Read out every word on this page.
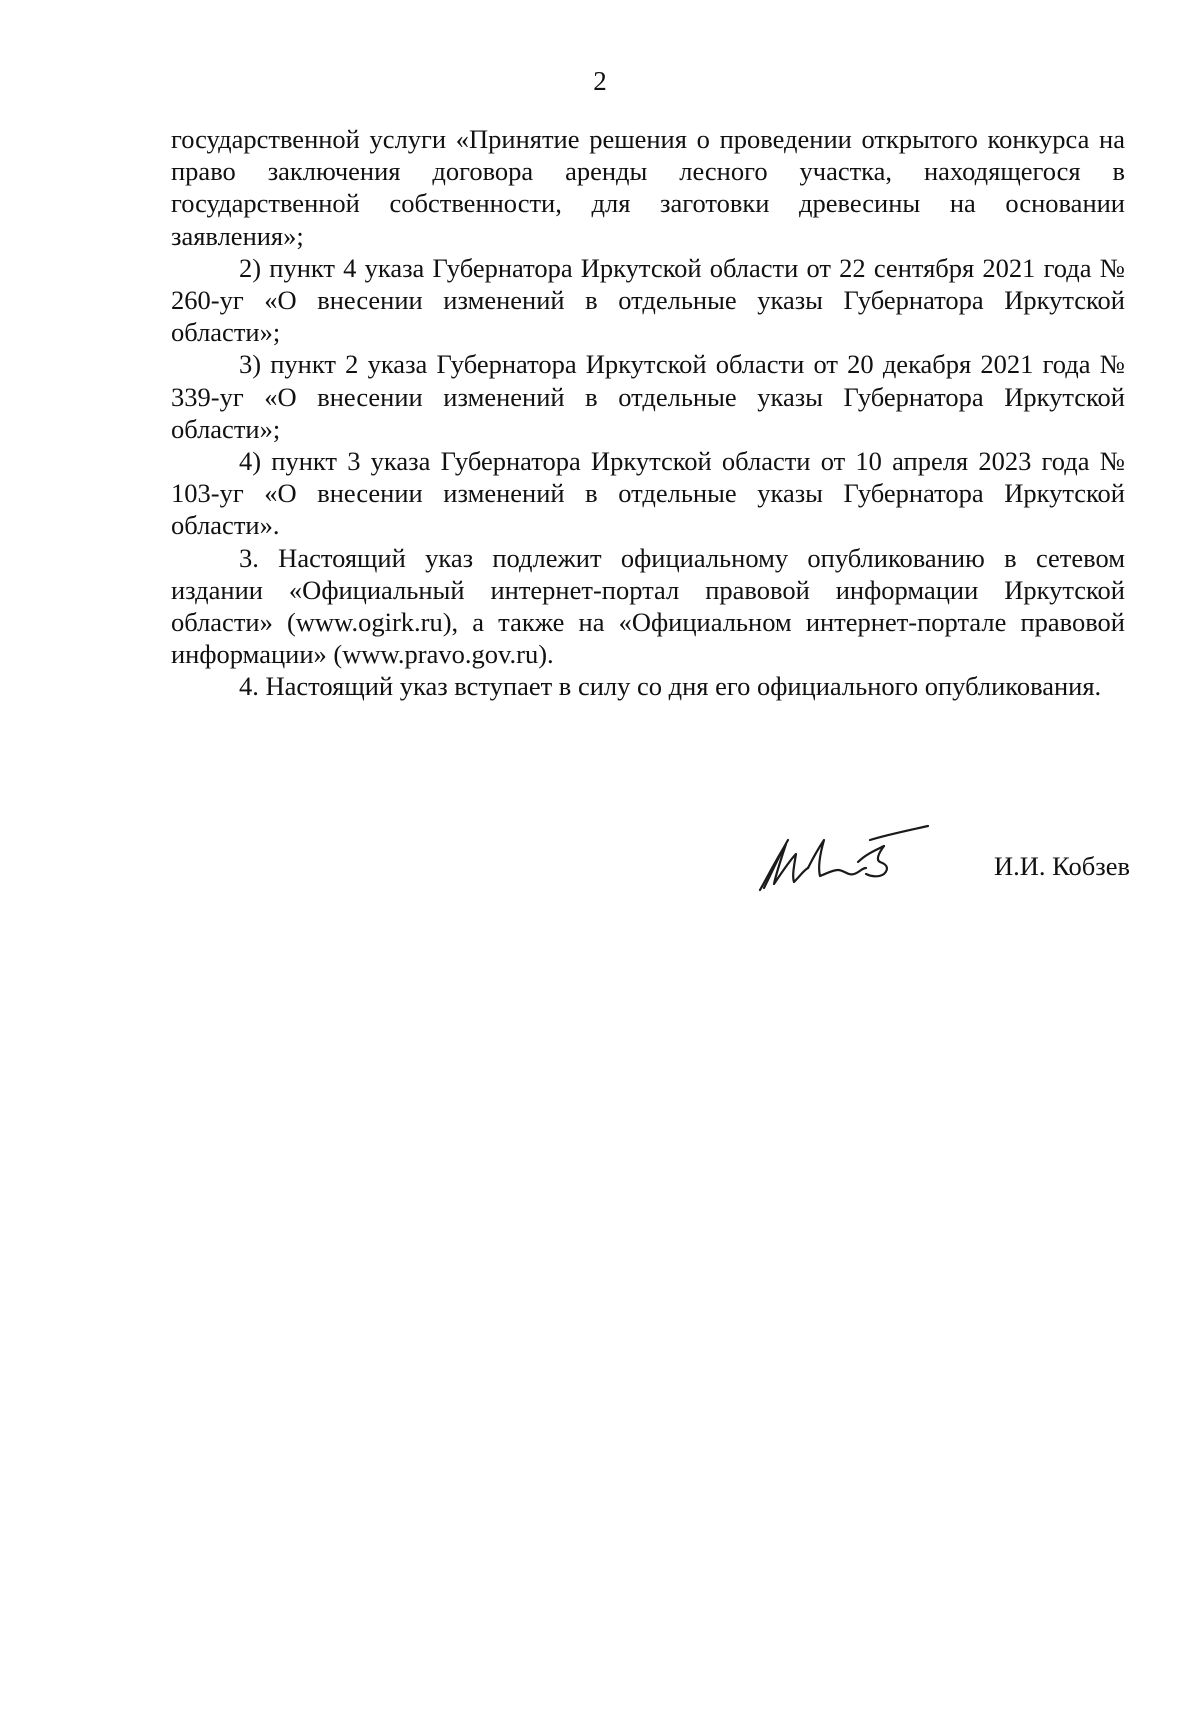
2

государственной услуги «Принятие решения о проведении открытого конкурса на право заключения договора аренды лесного участка, находящегося в государственной собственности, для заготовки древесины на основании заявления»;

2) пункт 4 указа Губернатора Иркутской области от 22 сентября 2021 года № 260-уг «О внесении изменений в отдельные указы Губернатора Иркутской области»;

3) пункт 2 указа Губернатора Иркутской области от 20 декабря 2021 года № 339-уг «О внесении изменений в отдельные указы Губернатора Иркутской области»;

4) пункт 3 указа Губернатора Иркутской области от 10 апреля 2023 года № 103-уг «О внесении изменений в отдельные указы Губернатора Иркутской области».

3. Настоящий указ подлежит официальному опубликованию в сетевом издании «Официальный интернет-портал правовой информации Иркутской области» (www.ogirk.ru), а также на «Официальном интернет-портале правовой информации» (www.pravo.gov.ru).

4. Настоящий указ вступает в силу со дня его официального опубликования.

И.И. Кобзев
